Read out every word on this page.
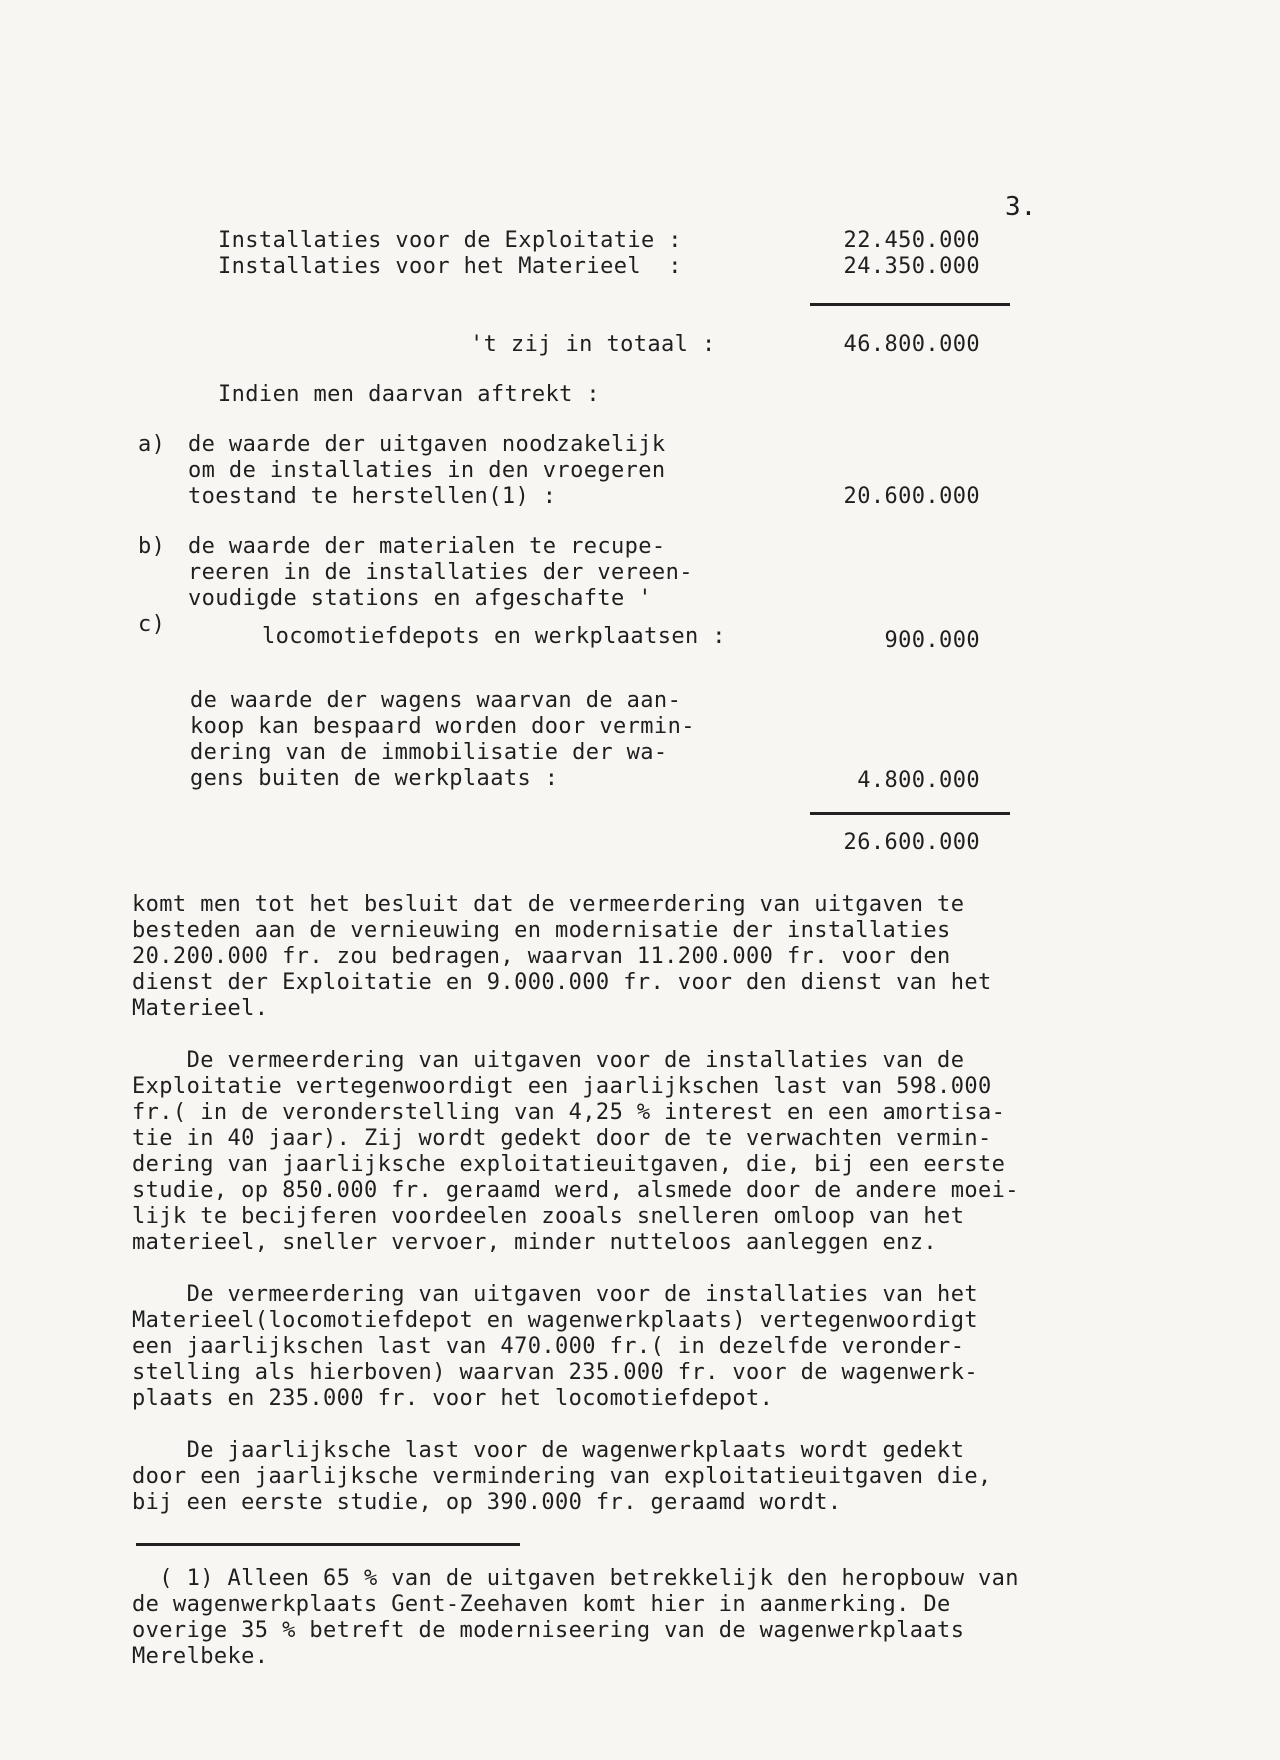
3.
Installaties voor de Exploitatie :	22.450.000
Installaties voor het Materieel  :	24.350.000
't zij in totaal :	46.800.000
Indien men daarvan aftrekt :
a) de waarde der uitgaven noodzakelijk
om de installaties in den vroegeren
toestand te herstellen(1) :	20.600.000
b) de waarde der materialen te recupe-
reeren in de installaties der vereen-
voudigde stations en afgeschafte '
c)	locomotiefdepots en werkplaatsen :	900.000
de waarde der wagens waarvan de aan-
koop kan bespaard worden door vermin-
dering van de immobilisatie der wa-
gens buiten de werkplaats :	4.800.000
26.600.000
komt men tot het besluit dat de vermeerdering van uitgaven te
besteden aan de vernieuwing en modernisatie der installaties
20.200.000 fr. zou bedragen, waarvan 11.200.000 fr. voor den
dienst der Exploitatie en 9.000.000 fr. voor den dienst van het
Materieel.
De vermeerdering van uitgaven voor de installaties van de
Exploitatie vertegenwoordigt een jaarlijkschen last van 598.000
fr.( in de veronderstelling van 4,25 % interest en een amortisa-
tie in 40 jaar). Zij wordt gedekt door de te verwachten vermin-
dering van jaarlijksche exploitatieuitgaven, die, bij een eerste
studie, op 850.000 fr. geraamd werd, alsmede door de andere moei-
lijk te becijferen voordeelen zooals snelleren omloop van het
materieel, sneller vervoer, minder nutteloos aanleggen enz.
De vermeerdering van uitgaven voor de installaties van het
Materieel(locomotiefdepot en wagenwerkplaats) vertegenwoordigt
een jaarlijkschen last van 470.000 fr.( in dezelfde veronder-
stelling als hierboven) waarvan 235.000 fr. voor de wagenwerk-
plaats en 235.000 fr. voor het locomotiefdepot.
De jaarlijksche last voor de wagenwerkplaats wordt gedekt
door een jaarlijksche vermindering van exploitatieuitgaven die,
bij een eerste studie, op 390.000 fr. geraamd wordt.
( 1) Alleen 65 % van de uitgaven betrekkelijk den heropbouw van
de wagenwerkplaats Gent-Zeehaven komt hier in aanmerking. De
overige 35 % betreft de moderniseering van de wagenwerkplaats
Merelbeke.
